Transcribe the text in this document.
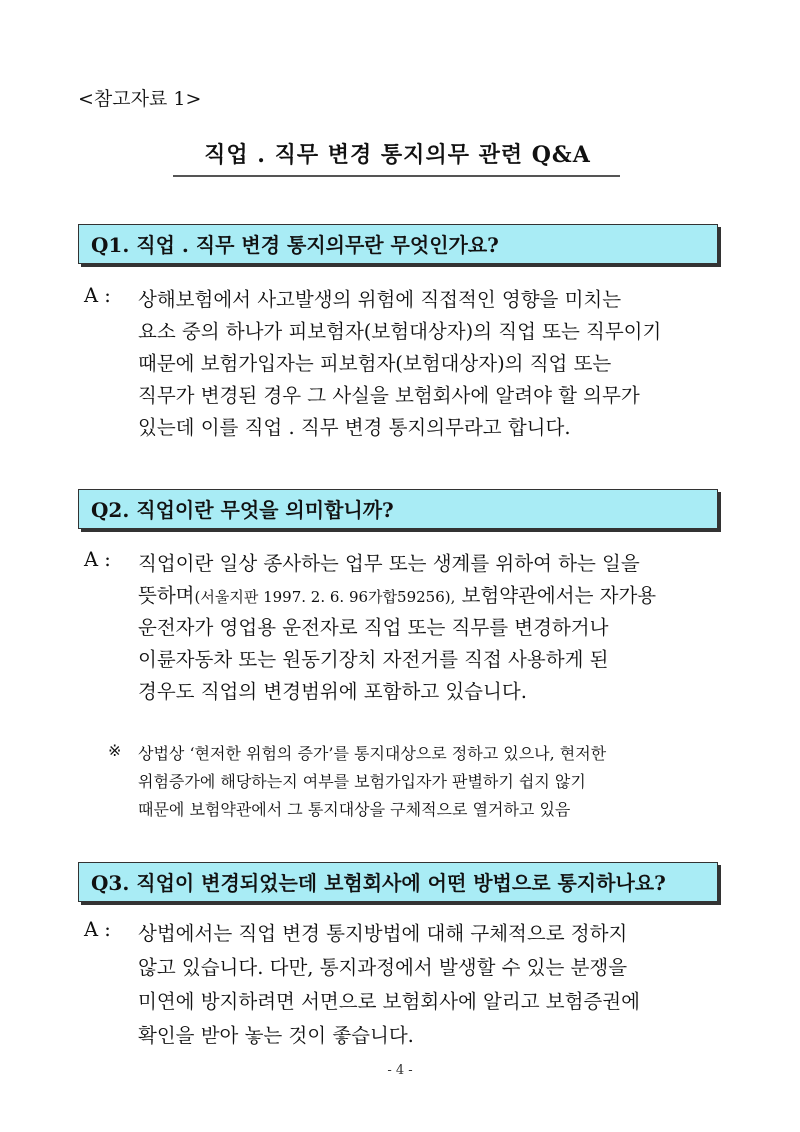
<참고자료 1>
직업 . 직무 변경 통지의무 관련 Q&A
Q1. 직업 . 직무 변경 통지의무란 무엇인가요?
A : 상해보험에서 사고발생의 위험에 직접적인 영향을 미치는
요소 중의 하나가 피보험자(보험대상자)의 직업 또는 직무이기
때문에 보험가입자는 피보험자(보험대상자)의 직업 또는
직무가 변경된 경우 그 사실을 보험회사에 알려야 할 의무가
있는데 이를 직업 . 직무 변경 통지의무라고 합니다.
Q2. 직업이란 무엇을 의미합니까?
A : 직업이란 일상 종사하는 업무 또는 생계를 위하여 하는 일을
뜻하며(서울지판 1997. 2. 6. 96가합59256), 보험약관에서는 자가용
운전자가 영업용 운전자로 직업 또는 직무를 변경하거나
이륜자동차 또는 원동기장치 자전거를 직접 사용하게 된
경우도 직업의 변경범위에 포함하고 있습니다.
※ 상법상 ‘현저한 위험의 증가’를 통지대상으로 정하고 있으나, 현저한
위험증가에 해당하는지 여부를 보험가입자가 판별하기 쉽지 않기
때문에 보험약관에서 그 통지대상을 구체적으로 열거하고 있음
Q3. 직업이 변경되었는데 보험회사에 어떤 방법으로 통지하나요?
A : 상법에서는 직업 변경 통지방법에 대해 구체적으로 정하지
않고 있습니다. 다만, 통지과정에서 발생할 수 있는 분쟁을
미연에 방지하려면 서면으로 보험회사에 알리고 보험증권에
확인을 받아 놓는 것이 좋습니다.
- 4 -
